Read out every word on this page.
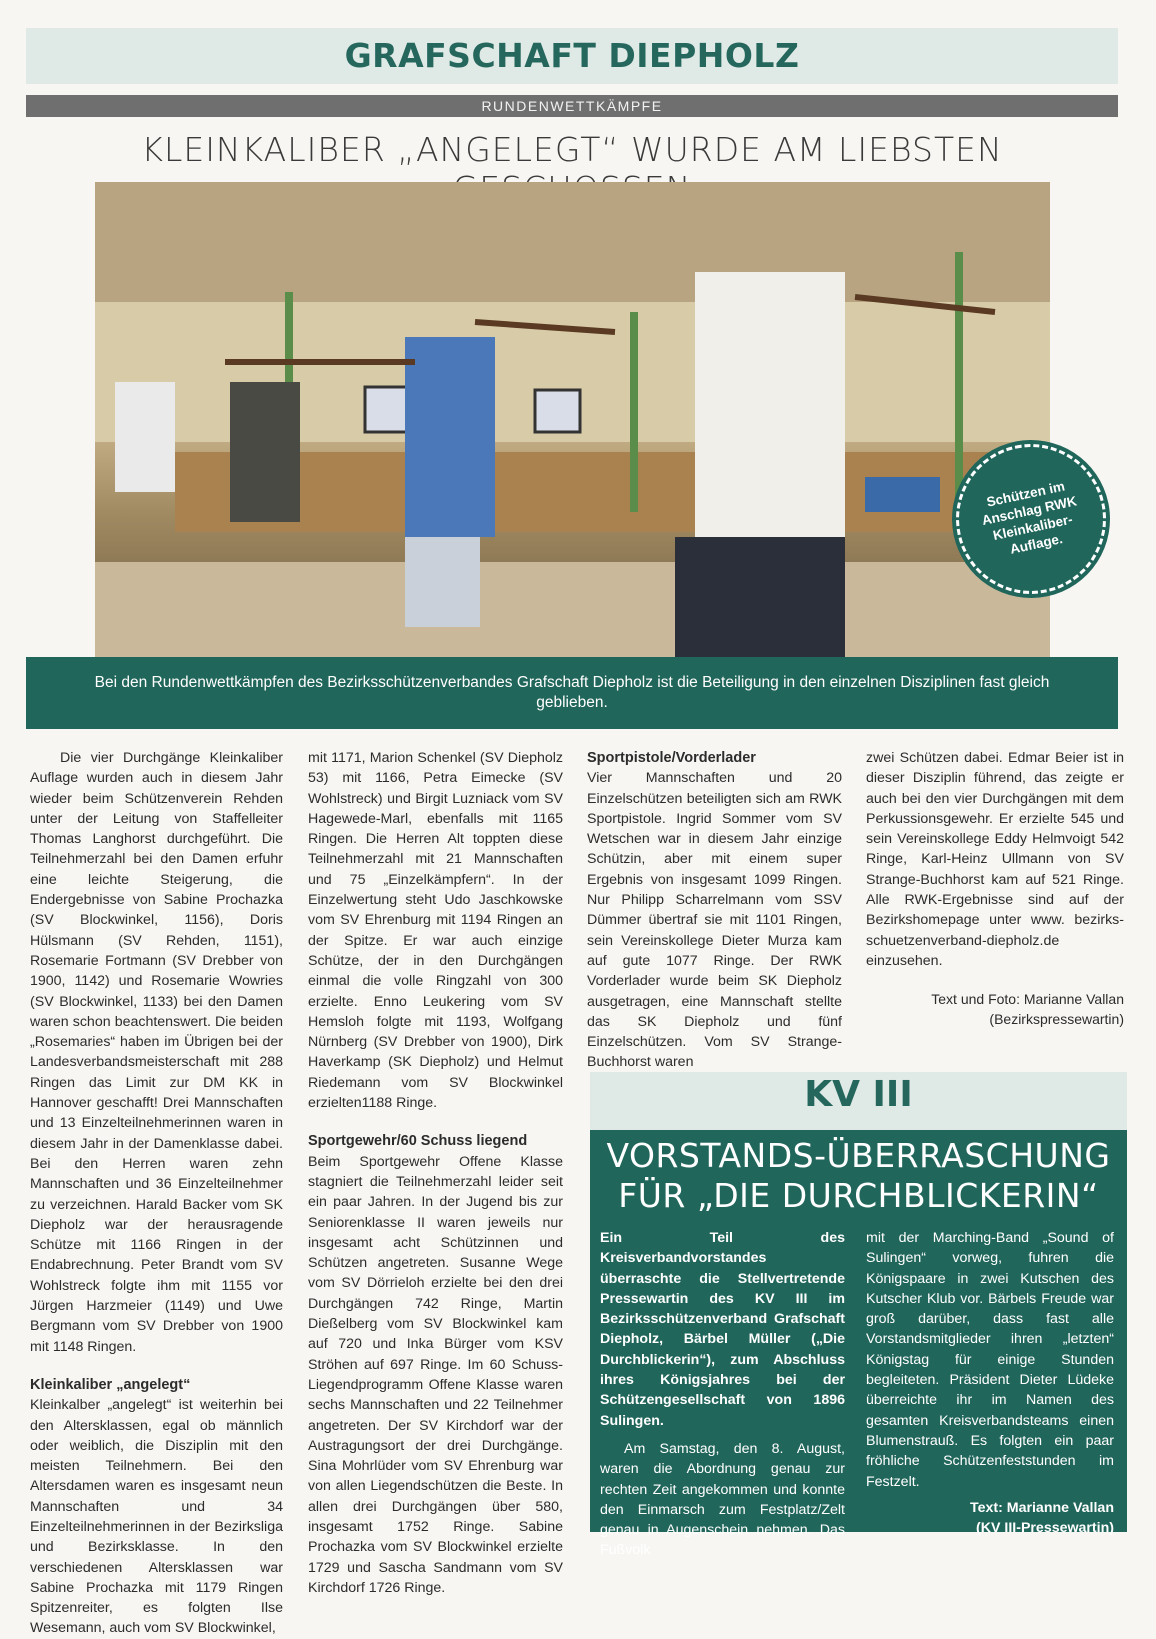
GRAFSCHAFT DIEPHOLZ
RUNDENWETTKÄMPFE
KLEINKALIBER „ANGELEGT“ WURDE AM LIEBSTEN
Schützen im Anschlag RWK Kleinkaliber-Auflage.
Bei den Rundenwettkämpfen des Bezirksschützenverbandes Grafschaft Diepholz ist die Beteiligung in den einzelnen Disziplinen fast gleich geblieben.

Die vier Durchgänge Kleinkaliber Auflage wurden auch in diesem Jahr wieder beim Schützenverein Rehden unter der Leitung von Staffelleiter Thomas Langhorst durchgeführt. Die Teilnehmerzahl bei den Damen erfuhr eine leichte Steigerung, die Endergebnisse von Sabine Prochazka (SV Blockwinkel, 1156), Doris Hülsmann (SV Rehden, 1151), Rosemarie Fortmann (SV Drebber von 1900, 1142) und Rosemarie Wowries (SV Blockwinkel, 1133) bei den Damen waren schon beachtenswert. Die beiden „Rosemaries“ haben im Übrigen bei der Landesverbandsmeisterschaft mit 288 Ringen das Limit zur DM KK in Hannover geschafft! Drei Mannschaften und 13 Einzelteilnehmerinnen waren in diesem Jahr in der Damenklasse dabei. Bei den Herren waren zehn Mannschaften und 36 Einzelteilnehmer zu verzeichnen. Harald Backer vom SK Diepholz war der herausragende Schütze mit 1166 Ringen in der Endabrechnung. Peter Brandt vom SV Wohlstreck folgte ihm mit 1155 vor Jürgen Harzmeier (1149) und Uwe Bergmann vom SV Drebber von 1900 mit 1148 Ringen.

Kleinkaliber „angelegt“

Kleinkalber „angelegt“ ist weiterhin bei den Altersklassen, egal ob männlich oder weiblich, die Disziplin mit den meisten Teilnehmern. Bei den Altersdamen waren es insgesamt neun Mannschaften und 34 Einzelteilnehmerinnen in der Bezirksliga und Bezirksklasse. In den verschiedenen Altersklassen war Sabine Prochazka mit 1179 Ringen Spitzenreiter, es folgten Ilse Wesemann, auch vom SV Blockwinkel,

mit 1171, Marion Schenkel (SV Diepholz 53) mit 1166, Petra Eimecke (SV Wohlstreck) und Birgit Luzniack vom SV Hagewede-Marl, ebenfalls mit 1165 Ringen. Die Herren Alt toppten diese Teilnehmerzahl mit 21 Mannschaften und 75 „Einzelkämpfern“. In der Einzelwertung steht Udo Jaschkowske vom SV Ehrenburg mit 1194 Ringen an der Spitze. Er war auch einzige Schütze, der in den Durchgängen einmal die volle Ringzahl von 300 erzielte. Enno Leukering vom SV Hemsloh folgte mit 1193, Wolfgang Nürnberg (SV Drebber von 1900), Dirk Haverkamp (SK Diepholz) und Helmut Riedemann vom SV Blockwinkel erzielten1188 Ringe.

Sportgewehr/60 Schuss liegend

Beim Sportgewehr Offene Klasse stagniert die Teilnehmerzahl leider seit ein paar Jahren. In der Jugend bis zur Seniorenklasse II waren jeweils nur insgesamt acht Schützinnen und Schützen angetreten. Susanne Wege vom SV Dörrieloh erzielte bei den drei Durchgängen 742 Ringe, Martin Dießelberg vom SV Blockwinkel kam auf 720 und Inka Bürger vom KSV Ströhen auf 697 Ringe. Im 60 Schuss-Liegendprogramm Offene Klasse waren sechs Mannschaften und 22 Teilnehmer angetreten. Der SV Kirchdorf war der Austragungsort der drei Durchgänge. Sina Mohrlüder vom SV Ehrenburg war von allen Liegendschützen die Beste. In allen drei Durchgängen über 580, insgesamt 1752 Ringe. Sabine Prochazka vom SV Blockwinkel erzielte 1729 und Sascha Sandmann vom SV Kirchdorf 1726 Ringe.

Sportpistole/Vorderlader

Vier Mannschaften und 20 Einzelschützen beteiligten sich am RWK Sportpistole. Ingrid Sommer vom SV Wetschen war in diesem Jahr einzige Schützin, aber mit einem super Ergebnis von insgesamt 1099 Ringen. Nur Philipp Scharrelmann vom SSV Dümmer übertraf sie mit 1101 Ringen, sein Vereinskollege Dieter Murza kam auf gute 1077 Ringe. Der RWK Vorderlader wurde beim SK Diepholz ausgetragen, eine Mannschaft stellte das SK Diepholz und fünf Einzelschützen. Vom SV Strange-Buchhorst waren

zwei Schützen dabei. Edmar Beier ist in dieser Disziplin führend, das zeigte er auch bei den vier Durchgängen mit dem Perkussionsgewehr. Er erzielte 545 und sein Vereinskollege Eddy Helmvoigt 542 Ringe, Karl-Heinz Ullmann von SV Strange-Buchhorst kam auf 521 Ringe. Alle RWK-Ergebnisse sind auf der Bezirkshomepage unter www. bezirks-schuetzenverband-diepholz.de einzusehen.

Text und Foto: Marianne Vallan
(Bezirkspressewartin)
KV III
VORSTANDS-ÜBERRASCHUNG
FÜR „DIE DURCHBLICKERIN“

Ein Teil des Kreisverbandvorstandes überraschte die Stellvertretende Pressewartin des KV III im Bezirksschützenverband Grafschaft Diepholz, Bärbel Müller („Die Durchblickerin“), zum Abschluss ihres Königsjahres bei der Schützengesellschaft von 1896 Sulingen.

Am Samstag, den 8. August, waren die Abordnung genau zur rechten Zeit angekommen und konnte den Einmarsch zum Festplatz/Zelt genau in Augenschein nehmen. Das Fußvolk

mit der Marching-Band „Sound of Sulingen“ vorweg, fuhren die Königspaare in zwei Kutschen des Kutscher Klub vor. Bärbels Freude war groß darüber, dass fast alle Vorstandsmitglieder ihren „letzten“ Königstag für einige Stunden begleiteten. Präsident Dieter Lüdeke überreichte ihr im Namen des gesamten Kreisverbandsteams einen Blumenstrauß. Es folgten ein paar fröhliche Schützenfeststunden im Festzelt.

Text: Marianne Vallan
(KV III-Pressewartin)
